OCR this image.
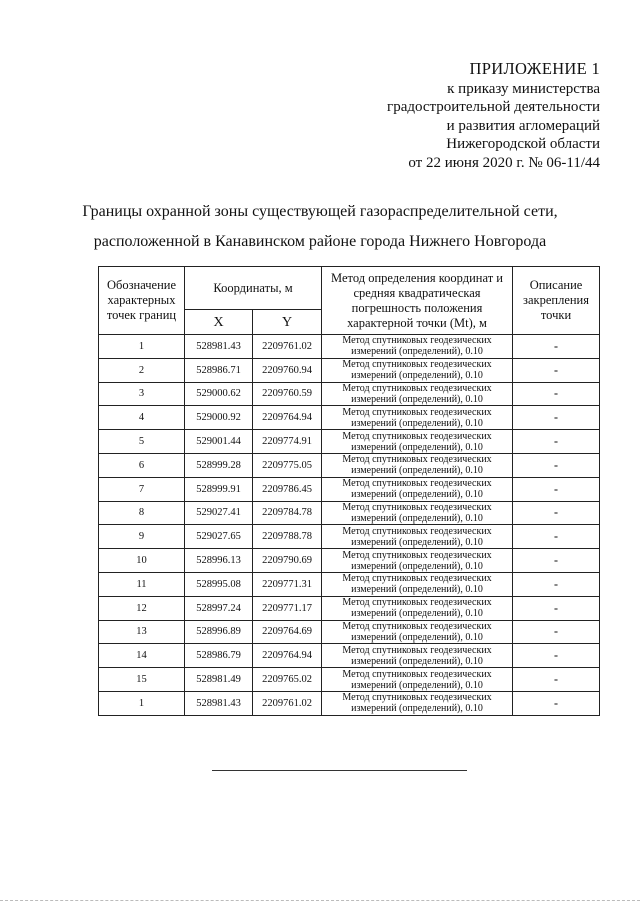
ПРИЛОЖЕНИЕ 1
к приказу министерства
градостроительной деятельности
и развития агломераций
Нижегородской области
от 22 июня 2020 г. № 06-11/44
Границы охранной зоны существующей газораспределительной сети,
расположенной в Канавинском районе города Нижнего Новгорода
Обозначение характерных точек границ	Координаты, м		Метод определения координат и средняя квадратическая погрешность положения характерной точки (Mt), м	Описание закрепления точки
	X	Y		
1	528981.43	2209761.02	Метод спутниковых геодезических измерений (определений), 0.10	-
2	528986.71	2209760.94	Метод спутниковых геодезических измерений (определений), 0.10	-
3	529000.62	2209760.59	Метод спутниковых геодезических измерений (определений), 0.10	-
4	529000.92	2209764.94	Метод спутниковых геодезических измерений (определений), 0.10	-
5	529001.44	2209774.91	Метод спутниковых геодезических измерений (определений), 0.10	-
6	528999.28	2209775.05	Метод спутниковых геодезических измерений (определений), 0.10	-
7	528999.91	2209786.45	Метод спутниковых геодезических измерений (определений), 0.10	-
8	529027.41	2209784.78	Метод спутниковых геодезических измерений (определений), 0.10	-
9	529027.65	2209788.78	Метод спутниковых геодезических измерений (определений), 0.10	-
10	528996.13	2209790.69	Метод спутниковых геодезических измерений (определений), 0.10	-
11	528995.08	2209771.31	Метод спутниковых геодезических измерений (определений), 0.10	-
12	528997.24	2209771.17	Метод спутниковых геодезических измерений (определений), 0.10	-
13	528996.89	2209764.69	Метод спутниковых геодезических измерений (определений), 0.10	-
14	528986.79	2209764.94	Метод спутниковых геодезических измерений (определений), 0.10	-
15	528981.49	2209765.02	Метод спутниковых геодезических измерений (определений), 0.10	-
1	528981.43	2209761.02	Метод спутниковых геодезических измерений (определений), 0.10	-
